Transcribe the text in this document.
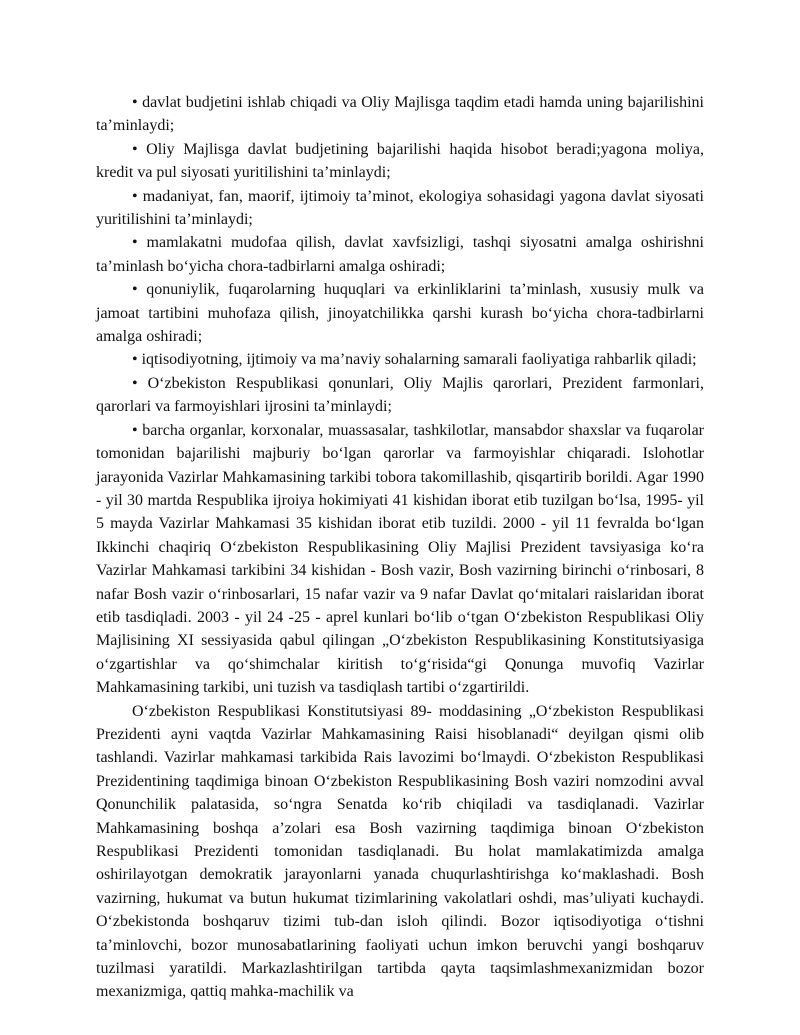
• davlat budjetini ishlab chiqadi va Oliy Majlisga taqdim etadi hamda uning bajarilishini ta’minlaydi;

• Oliy Majlisga davlat budjetining bajarilishi haqida hisobot beradi;yagona moliya, kredit va pul siyosati yuritilishini ta’minlaydi;

• madaniyat, fan, maorif, ijtimoiy ta’minot, ekologiya sohasidagi yagona davlat siyosati yuritilishini ta’minlaydi;

• mamlakatni mudofaa qilish, davlat xavfsizligi, tashqi siyosatni amalga oshirishni ta’minlash bo‘yicha chora-tadbirlarni amalga oshiradi;

• qonuniylik, fuqarolarning huquqlari va erkinliklarini ta’minlash, xususiy mulk va jamoat tartibini muhofaza qilish, jinoyatchilikka qarshi kurash bo‘yicha chora-tadbirlarni amalga oshiradi;

• iqtisodiyotning, ijtimoiy va ma’naviy sohalarning samarali faoliyatiga rahbarlik qiladi;

• O‘zbekiston Respublikasi qonunlari, Oliy Majlis qarorlari, Prezident farmonlari, qarorlari va farmoyishlari ijrosini ta’minlaydi;

• barcha organlar, korxonalar, muassasalar, tashkilotlar, mansabdor shaxslar va fuqarolar tomonidan bajarilishi majburiy bo‘lgan qarorlar va farmoyishlar chiqaradi. Islohotlar jarayonida Vazirlar Mahkamasining tarkibi tobora takomillashib, qisqartirib borildi. Agar 1990 - yil 30 martda Respublika ijroiya hokimiyati 41 kishidan iborat etib tuzilgan bo‘lsa, 1995- yil 5 mayda Vazirlar Mahkamasi 35 kishidan iborat etib tuzildi. 2000 - yil 11 fevralda bo‘lgan Ikkinchi chaqiriq O‘zbekiston Respublikasining Oliy Majlisi Prezident tavsiyasiga ko‘ra Vazirlar Mahkamasi tarkibini 34 kishidan - Bosh vazir, Bosh vazirning birinchi o‘rinbosari, 8 nafar Bosh vazir o‘rinbosarlari, 15 nafar vazir va 9 nafar Davlat qo‘mitalari raislaridan iborat etib tasdiqladi. 2003 - yil 24 -25 - aprel kunlari bo‘lib o‘tgan O‘zbekiston Respublikasi Oliy Majlisining XI sessiyasida qabul qilingan „O‘zbekiston Respublikasining Konstitutsiyasiga o‘zgartishlar va qo‘shimchalar kiritish to‘g‘risida“gi Qonunga muvofiq Vazirlar Mahkamasining tarkibi, uni tuzish va tasdiqlash tartibi o‘zgartirildi.

O‘zbekiston Respublikasi Konstitutsiyasi 89- moddasining „O‘zbekiston Respublikasi Prezidenti ayni vaqtda Vazirlar Mahkamasining Raisi hisoblanadi“ deyilgan qismi olib tashlandi. Vazirlar mahkamasi tarkibida Rais lavozimi bo‘lmaydi. O‘zbekiston Respublikasi Prezidentining taqdimiga binoan O‘zbekiston Respublikasining Bosh vaziri nomzodini avval Qonunchilik palatasida, so‘ngra Senatda ko‘rib chiqiladi va tasdiqlanadi. Vazirlar Mahkamasining boshqa a’zolari esa Bosh vazirning taqdimiga binoan O‘zbekiston Respublikasi Prezidenti tomonidan tasdiqlanadi. Bu holat mamlakatimizda amalga oshirilayotgan demokratik jarayonlarni yanada chuqurlashtirishga ko‘maklashadi. Bosh vazirning, hukumat va butun hukumat tizimlarining vakolatlari oshdi, mas’uliyati kuchaydi. O‘zbekistonda boshqaruv tizimi tub-dan isloh qilindi. Bozor iqtisodiyotiga o‘tishni ta’minlovchi, bozor munosabatlarining faoliyati uchun imkon beruvchi yangi boshqaruv tuzilmasi yaratildi. Markazlashtirilgan tartibda qayta taqsimlashmexanizmidan bozor mexanizmiga, qattiq mahka-machilik va
